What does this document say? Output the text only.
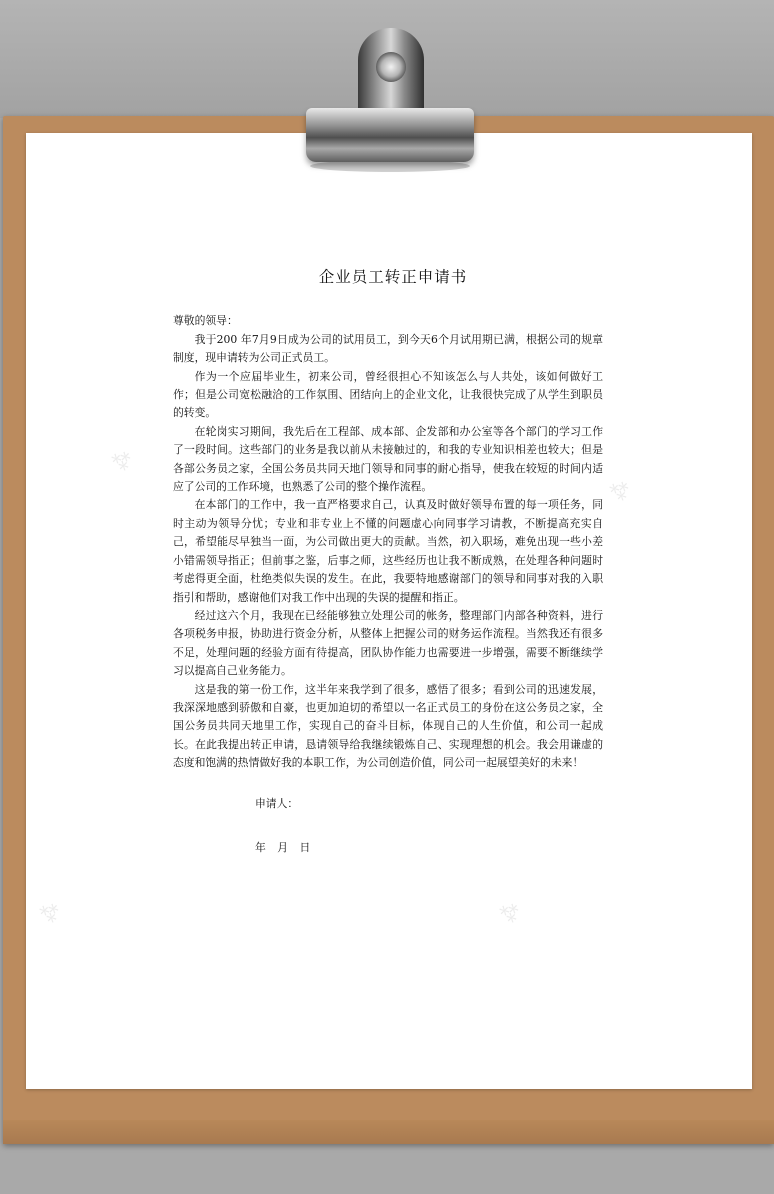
⁂
⁂
⁂	⁂
企业员工转正申请书

尊敬的领导：

我于200 年7月9日成为公司的试用员工，到今天6个月试用期已满，根据公司的规章制度，现申请转为公司正式员工。

作为一个应届毕业生，初来公司，曾经很担心不知该怎么与人共处，该如何做好工作；但是公司宽松融洽的工作氛围、团结向上的企业文化，让我很快完成了从学生到职员的转变。

在轮岗实习期间，我先后在工程部、成本部、企发部和办公室等各个部门的学习工作了一段时间。这些部门的业务是我以前从未接触过的，和我的专业知识相差也较大；但是各部公务员之家，全国公务员共同天地门领导和同事的耐心指导，使我在较短的时间内适应了公司的工作环境，也熟悉了公司的整个操作流程。

在本部门的工作中，我一直严格要求自己，认真及时做好领导布置的每一项任务，同时主动为领导分忧；专业和非专业上不懂的问题虚心向同事学习请教，不断提高充实自己，希望能尽早独当一面，为公司做出更大的贡献。当然，初入职场，难免出现一些小差小错需领导指正；但前事之鉴，后事之师，这些经历也让我不断成熟，在处理各种问题时考虑得更全面，杜绝类似失误的发生。在此，我要特地感谢部门的领导和同事对我的入职指引和帮助，感谢他们对我工作中出现的失误的提醒和指正。

经过这六个月，我现在已经能够独立处理公司的帐务，整理部门内部各种资料，进行各项税务申报，协助进行资金分析，从整体上把握公司的财务运作流程。当然我还有很多不足，处理问题的经验方面有待提高，团队协作能力也需要进一步增强，需要不断继续学习以提高自己业务能力。

这是我的第一份工作，这半年来我学到了很多，感悟了很多；看到公司的迅速发展，我深深地感到骄傲和自豪，也更加迫切的希望以一名正式员工的身份在这公务员之家，全国公务员共同天地里工作，实现自己的奋斗目标，体现自己的人生价值，和公司一起成长。在此我提出转正申请，恳请领导给我继续锻炼自己、实现理想的机会。我会用谦虚的态度和饱满的热情做好我的本职工作，为公司创造价值，同公司一起展望美好的未来！

申请人：
年 月 日
